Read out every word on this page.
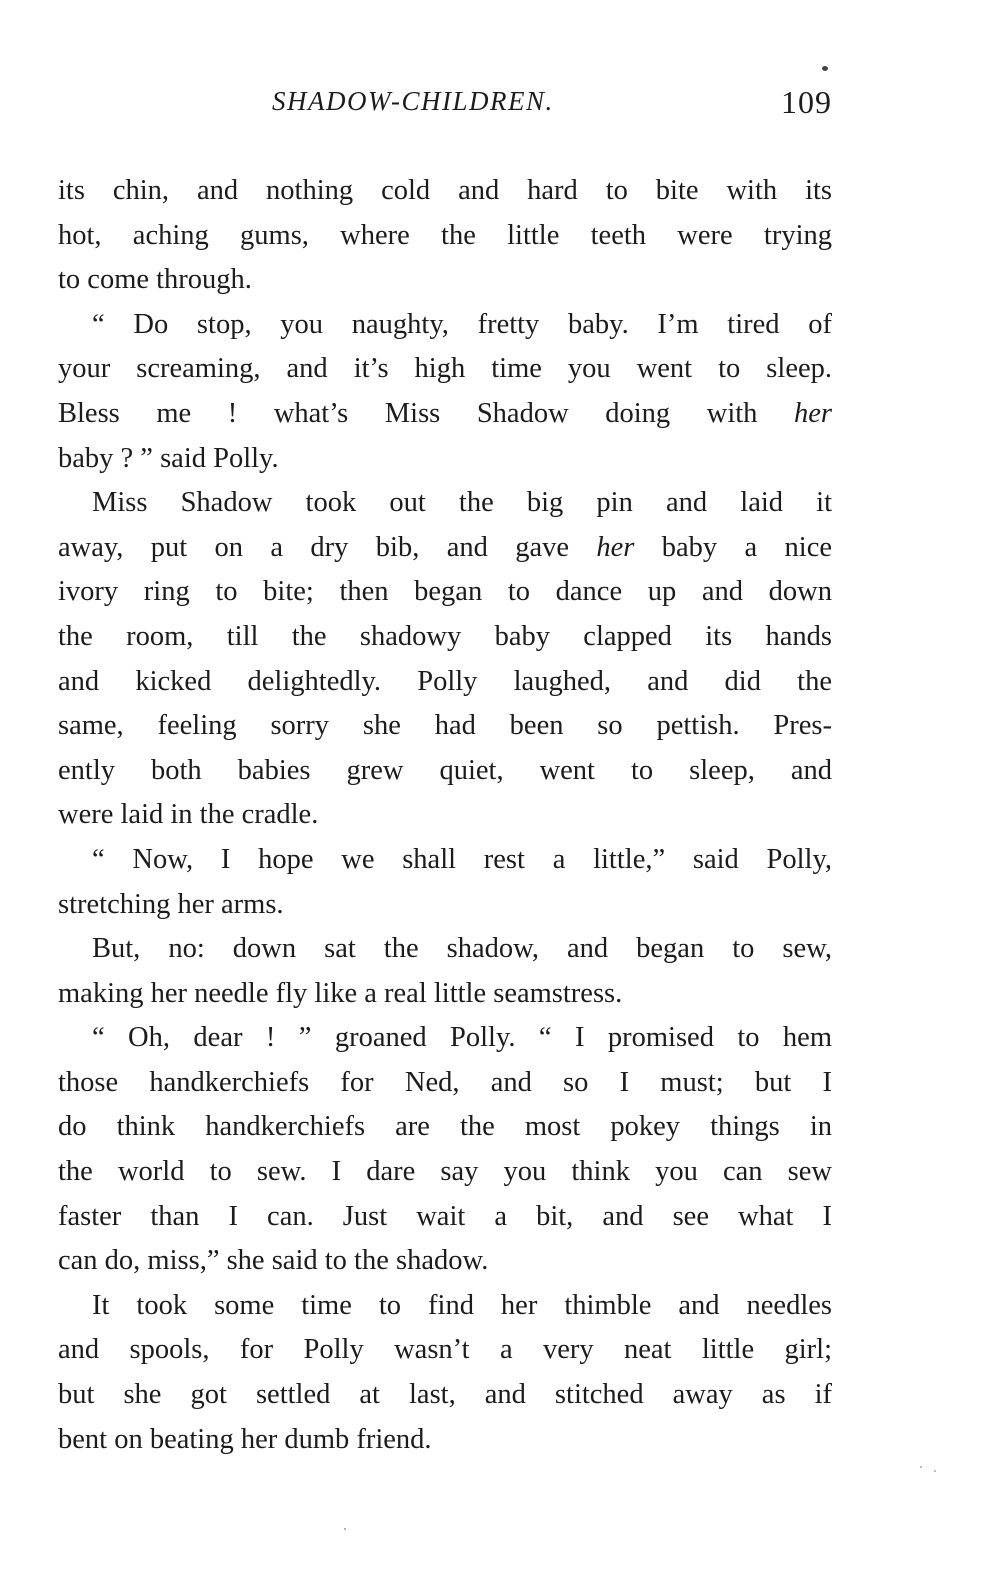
SHADOW-CHILDREN.	109
its chin, and nothing cold and hard to bite with its
hot, aching gums, where the little teeth were trying
to come through.
“ Do stop, you naughty, fretty baby. I’m tired of
your screaming, and it’s high time you went to sleep.
Bless me ! what’s Miss Shadow doing with her
baby ? ” said Polly.
Miss Shadow took out the big pin and laid it
away, put on a dry bib, and gave her baby a nice
ivory ring to bite; then began to dance up and down
the room, till the shadowy baby clapped its hands
and kicked delightedly. Polly laughed, and did the
same, feeling sorry she had been so pettish. Pres-
ently both babies grew quiet, went to sleep, and
were laid in the cradle.
“ Now, I hope we shall rest a little,” said Polly,
stretching her arms.
But, no: down sat the shadow, and began to sew,
making her needle fly like a real little seamstress.
“ Oh, dear ! ” groaned Polly. “ I promised to hem
those handkerchiefs for Ned, and so I must; but I
do think handkerchiefs are the most pokey things in
the world to sew. I dare say you think you can sew
faster than I can. Just wait a bit, and see what I
can do, miss,” she said to the shadow.
It took some time to find her thimble and needles
and spools, for Polly wasn’t a very neat little girl;
but she got settled at last, and stitched away as if
bent on beating her dumb friend.
